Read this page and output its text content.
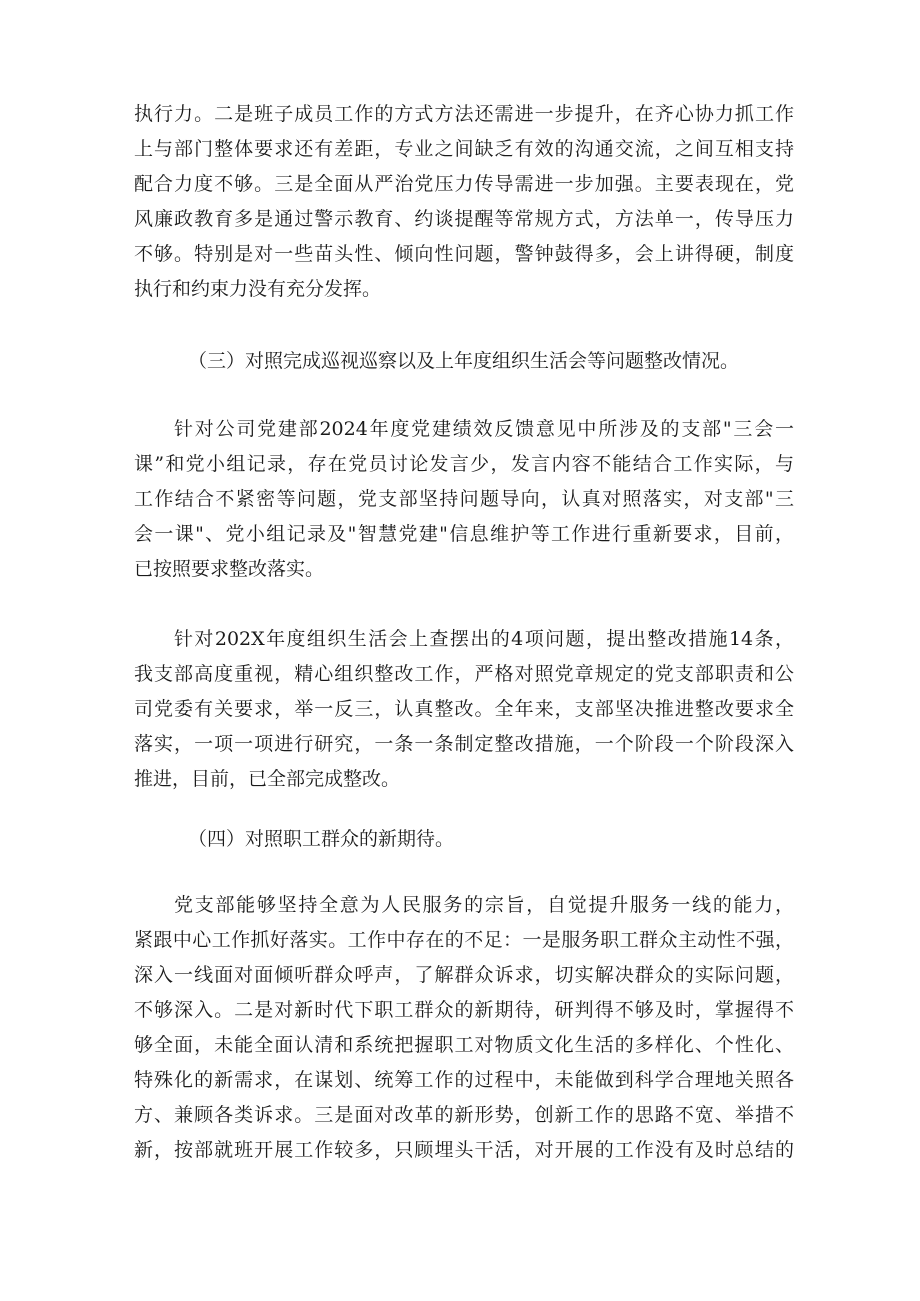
执行力。二是班子成员工作的方式方法还需进一步提升，在齐心协力抓工作
上与部门整体要求还有差距，专业之间缺乏有效的沟通交流，之间互相支持
配合力度不够。三是全面从严治党压力传导需进一步加强。主要表现在，党
风廉政教育多是通过警示教育、约谈提醒等常规方式，方法单一，传导压力
不够。特别是对一些苗头性、倾向性问题，警钟鼓得多，会上讲得硬，制度
执行和约束力没有充分发挥。
（三）对照完成巡视巡察以及上年度组织生活会等问题整改情况。
针对公司党建部2024年度党建绩效反馈意见中所涉及的支部"三会一
课”和党小组记录，存在党员讨论发言少，发言内容不能结合工作实际，与
工作结合不紧密等问题，党支部坚持问题导向，认真对照落实，对支部"三
会一课"、党小组记录及"智慧党建"信息维护等工作进行重新要求，目前，
已按照要求整改落实。
针对202X年度组织生活会上查摆出的4项问题，提出整改措施14条，
我支部高度重视，精心组织整改工作，严格对照党章规定的党支部职责和公
司党委有关要求，举一反三，认真整改。全年来，支部坚决推进整改要求全
落实，一项一项进行研究，一条一条制定整改措施，一个阶段一个阶段深入
推进，目前，已全部完成整改。
（四）对照职工群众的新期待。
党支部能够坚持全意为人民服务的宗旨，自觉提升服务一线的能力，
紧跟中心工作抓好落实。工作中存在的不足：一是服务职工群众主动性不强，
深入一线面对面倾听群众呼声，了解群众诉求，切实解决群众的实际问题，
不够深入。二是对新时代下职工群众的新期待，研判得不够及时，掌握得不
够全面，未能全面认清和系统把握职工对物质文化生活的多样化、个性化、
特殊化的新需求，在谋划、统筹工作的过程中，未能做到科学合理地关照各
方、兼顾各类诉求。三是面对改革的新形势，创新工作的思路不宽、举措不
新，按部就班开展工作较多，只顾埋头干活，对开展的工作没有及时总结的
